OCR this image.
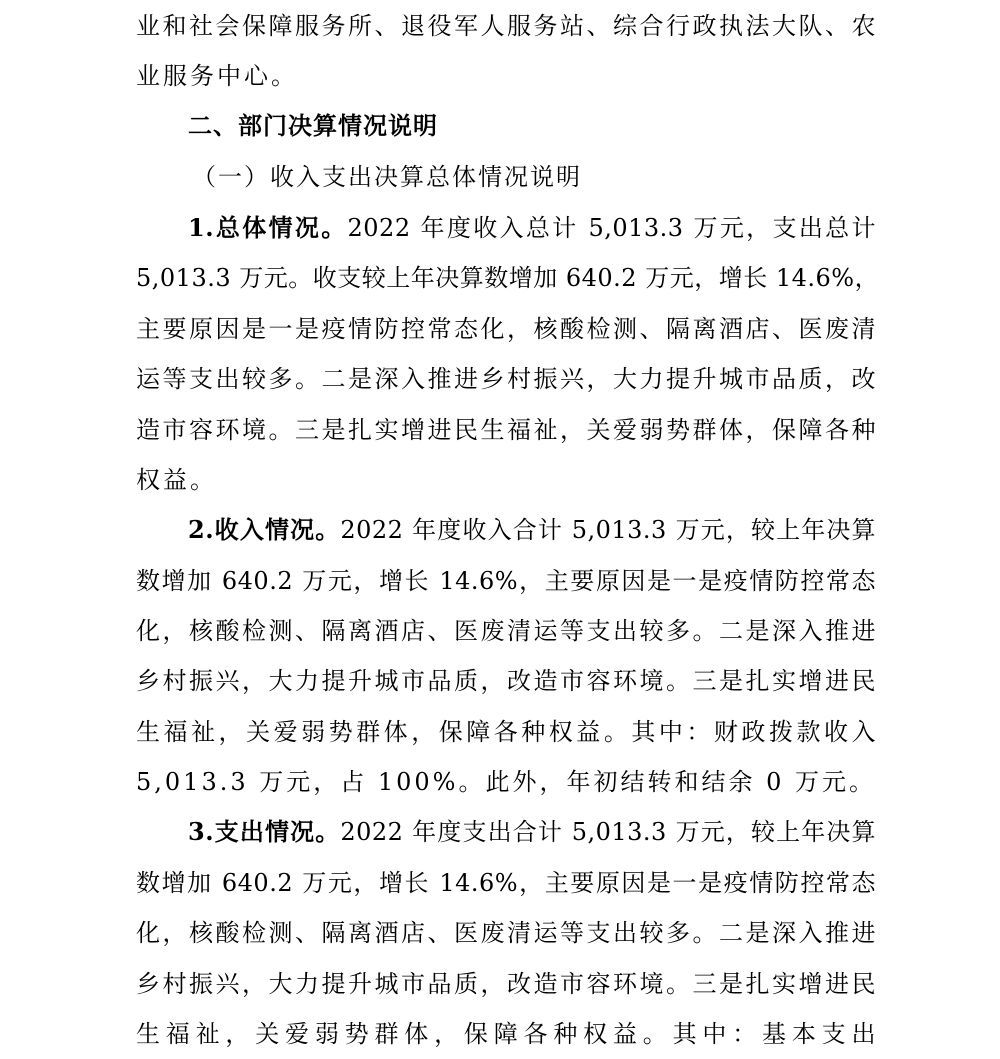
业和社会保障服务所、退役军人服务站、综合行政执法大队、农
业服务中心。
二、部门决算情况说明
（一）收入支出决算总体情况说明
1.总体情况。2022 年度收入总计 5,013.3 万元，支出总计
5,013.3 万元。收支较上年决算数增加 640.2 万元，增长 14.6%，
主要原因是一是疫情防控常态化，核酸检测、隔离酒店、医废清
运等支出较多。二是深入推进乡村振兴，大力提升城市品质，改
造市容环境。三是扎实增进民生福祉，关爱弱势群体，保障各种
权益。
2.收入情况。2022 年度收入合计 5,013.3 万元，较上年决算
数增加 640.2 万元，增长 14.6%，主要原因是一是疫情防控常态
化，核酸检测、隔离酒店、医废清运等支出较多。二是深入推进
乡村振兴，大力提升城市品质，改造市容环境。三是扎实增进民
生福祉，关爱弱势群体，保障各种权益。其中：财政拨款收入
5,013.3 万元，占 100%。此外，年初结转和结余 0 万元。
3.支出情况。2022 年度支出合计 5,013.3 万元，较上年决算
数增加 640.2 万元，增长 14.6%，主要原因是一是疫情防控常态
化，核酸检测、隔离酒店、医废清运等支出较多。二是深入推进
乡村振兴，大力提升城市品质，改造市容环境。三是扎实增进民
生福祉，关爱弱势群体，保障各种权益。其中：基本支出
